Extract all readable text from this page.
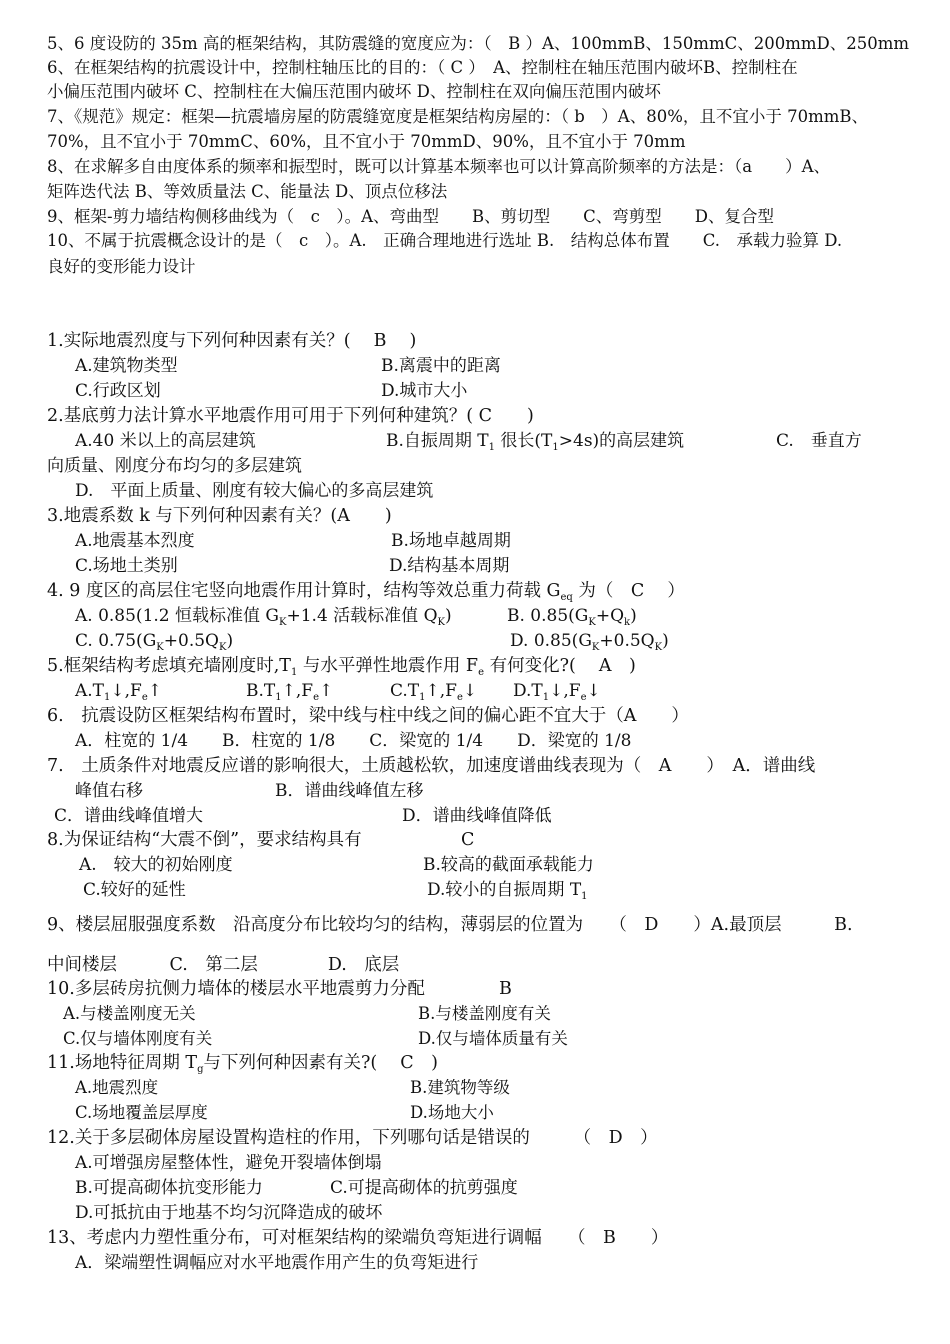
5、6 度设防的 35m 高的框架结构，其防震缝的宽度应为：（　B ）A、100mmB、150mmC、200mmD、250mm
6、在框架结构的抗震设计中，控制柱轴压比的目的：（ C ）　A、控制柱在轴压范围内破坏B、控制柱在
小偏压范围内破坏 C、控制柱在大偏压范围内破坏 D、控制柱在双向偏压范围内破坏
7、《规范》规定：框架—抗震墙房屋的防震缝宽度是框架结构房屋的：（ b　）A、80%，且不宜小于 70mmB、
70%，且不宜小于 70mmC、60%，且不宜小于 70mmD、90%，且不宜小于 70mm
8、在求解多自由度体系的频率和振型时，既可以计算基本频率也可以计算高阶频率的方法是：（a　　）A、
矩阵迭代法 B、等效质量法 C、能量法 D、顶点位移法
9、框架-剪力墙结构侧移曲线为（　c　）。A、弯曲型　　B、剪切型　　C、弯剪型　　D、复合型
10、不属于抗震概念设计的是（　c　）。A.　正确合理地进行选址 B.　结构总体布置　　C.　承载力验算 D.
良好的变形能力设计
1.实际地震烈度与下列何种因素有关？(　 B　 )
A.建筑物类型	B.离震中的距离
C.行政区划	D.城市大小
2.基底剪力法计算水平地震作用可用于下列何种建筑？( C　　)
A.40 米以上的高层建筑	B.自振周期 $T_1$ 很长$(T_1>4s)$的高层建筑	C.　垂直方
向质量、刚度分布均匀的多层建筑
D.　平面上质量、刚度有较大偏心的多高层建筑
3.地震系数 k 与下列何种因素有关？(A　　)
A.地震基本烈度	B.场地卓越周期
C.场地土类别	D.结构基本周期
4. 9 度区的高层住宅竖向地震作用计算时，结构等效总重力荷载 $G_{eq}$ 为（　C　 ）
A. 0.85(1.2 恒载标准值 $G_K+1.4$ 活载标准值 $Q_K$)	B. $0.85(G_K+Q_k)$
C. $0.75(G_K+0.5Q_K)$	D. $0.85(G_K+0.5Q_K)$
5.框架结构考虑填充墙刚度时$,T_1$ 与水平弹性地震作用 $F_e$ 有何变化?(　 A　)
$A.T_1↓,F_e↑$	$B.T_1↑,F_e↑$	$C.T_1↑,F_e↓$ $D.T_1↓,F_e↓$
6.　抗震设防区框架结构布置时，梁中线与柱中线之间的偏心距不宜大于（A　　）
A．柱宽的 1/4　　B．柱宽的 1/8　　C．梁宽的 1/4　　D．梁宽的 1/8
7.　土质条件对地震反应谱的影响很大，土质越松软，加速度谱曲线表现为（　A　　）　A．谱曲线
峰值右移	B．谱曲线峰值左移
C．谱曲线峰值增大	D．谱曲线峰值降低
8.为保证结构“大震不倒”，要求结构具有	C
A.　较大的初始刚度	B.较高的截面承载能力
C.较好的延性	D.较小的自振周期 $T_1$
9、楼层屈服强度系数　沿高度分布比较均匀的结构，薄弱层的位置为　　（　D　　）A.最顶层　　　B.
中间楼层　　　C.　第二层　　　　D.　底层
10.多层砖房抗侧力墙体的楼层水平地震剪力分配	B
A.与楼盖刚度无关	B.与楼盖刚度有关
C.仅与墙体刚度有关	D.仅与墙体质量有关
11.场地特征周期 $T_g$与下列何种因素有关?(　 C　)
A.地震烈度	B.建筑物等级
C.场地覆盖层厚度	D.场地大小
12.关于多层砌体房屋设置构造柱的作用，下列哪句话是错误的　　　（　D　）
A.可增强房屋整体性，避免开裂墙体倒塌
B.可提高砌体抗变形能力	C.可提高砌体的抗剪强度
D.可抵抗由于地基不均匀沉降造成的破坏
13、考虑内力塑性重分布，可对框架结构的梁端负弯矩进行调幅　　（　B　　）
A．梁端塑性调幅应对水平地震作用产生的负弯矩进行
